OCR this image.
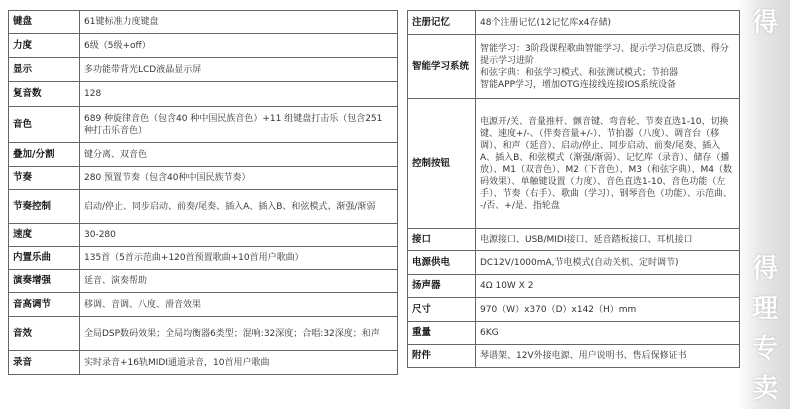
得
得
理
专
卖
键盘	61键标准力度键盘
力度	6级（5级+off）
显示	多功能带背光LCD液晶显示屏
复音数	128
音色	689 种旋律音色（包含40 种中国民族音色）+11 组键盘打击乐（包含251 种打击乐音色）
叠加/分割	键分离、双音色
节奏	280 预置节奏（包含40种中国民族节奏）
节奏控制	启动/停止、同步启动、前奏/尾奏、插入A、插入B、和弦模式、渐强/渐弱
速度	30-280
内置乐曲	135首（5首示范曲+120首预置歌曲+10首用户歌曲）
演奏增强	延音、演奏帮助
音高调节	移调、音调、八度、滑音效果
音效	全局DSP数码效果；全局均衡器6类型；混响:32深度；合唱:32深度；和声
录音	实时录音+16轨MIDI通道录音，10首用户歌曲
注册记忆	48个注册记忆(12记忆库x4存储)

智能学习系统	智能学习：3阶段课程歌曲智能学习、提示学习信息反馈、得分提示学习进阶
和弦字典：和弦学习模式、和弦测试模式；节拍器
智能APP学习，增加OTG连接线连接IOS系统设备

控制按钮	电源开/关、音量推杆、颤音键、弯音轮、节奏直选1-10、切换键、速度+/-、（伴奏音量+/-）、节拍器（八度）、调音台（移调）、和声（延音）、启动/停止、同步启动、前奏/尾奏、插入A、插入B、和弦模式（渐强/渐弱）、记忆库（录音）、储存（播放）、M1（双音色）、M2（下音色）、M3（和弦字典）、M4（数码效果）、单触键设置（力度）、音色直选1-10、音色功能（左手）、节奏（右手）、歌曲（学习）、钢琴音色（功能）、示范曲、-/否、+/是、指轮盘

接口	电源接口、USB/MIDI接口、延音踏板接口、耳机接口

电源供电	DC12V/1000mA,节电模式(自动关机、定时调节)

扬声器	4Ω 10W X 2

尺寸	970（W）x370（D）x142（H）mm

重量	6KG

附件	琴谱架、12V外接电源、用户说明书、售后保修证书
